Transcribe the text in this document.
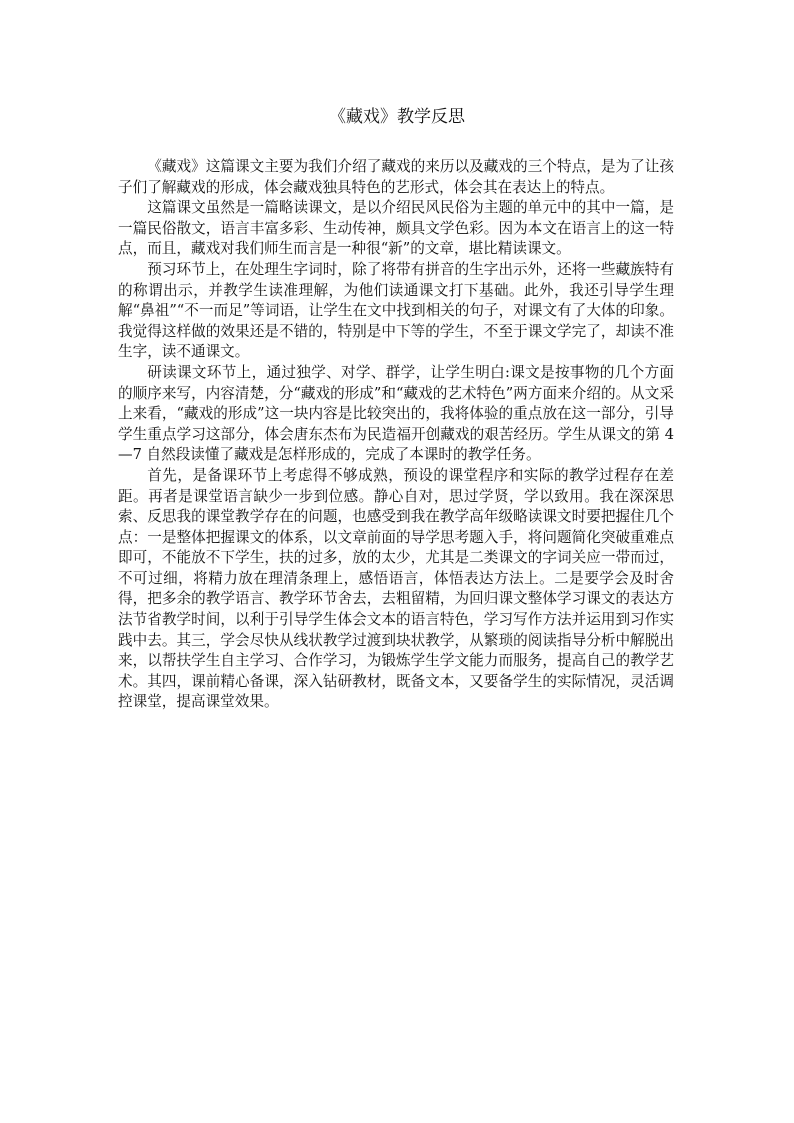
《藏戏》教学反思

《藏戏》这篇课文主要为我们介绍了藏戏的来历以及藏戏的三个特点，是为了让孩子们了解藏戏的形成，体会藏戏独具特色的艺形式，体会其在表达上的特点。

这篇课文虽然是一篇略读课文，是以介绍民风民俗为主题的单元中的其中一篇，是一篇民俗散文，语言丰富多彩、生动传神，颇具文学色彩。因为本文在语言上的这一特点，而且，藏戏对我们师生而言是一种很“新”的文章，堪比精读课文。

预习环节上，在处理生字词时，除了将带有拼音的生字出示外，还将一些藏族特有的称谓出示，并教学生读准理解，为他们读通课文打下基础。此外，我还引导学生理解“鼻祖”“不一而足”等词语，让学生在文中找到相关的句子，对课文有了大体的印象。我觉得这样做的效果还是不错的，特别是中下等的学生，不至于课文学完了，却读不准生字，读不通课文。

研读课文环节上，通过独学、对学、群学，让学生明白:课文是按事物的几个方面的顺序来写，内容清楚，分“藏戏的形成”和“藏戏的艺术特色”两方面来介绍的。从文采上来看，“藏戏的形成”这一块内容是比较突出的，我将体验的重点放在这一部分，引导学生重点学习这部分，体会唐东杰布为民造福开创藏戏的艰苦经历。学生从课文的第 4—7 自然段读懂了藏戏是怎样形成的，完成了本课时的教学任务。

首先，是备课环节上考虑得不够成熟，预设的课堂程序和实际的教学过程存在差距。再者是课堂语言缺少一步到位感。静心自对，思过学贤，学以致用。我在深深思索、反思我的课堂教学存在的问题，也感受到我在教学高年级略读课文时要把握住几个点：一是整体把握课文的体系，以文章前面的导学思考题入手，将问题简化突破重难点即可，不能放不下学生，扶的过多，放的太少，尤其是二类课文的字词关应一带而过，不可过细，将精力放在理清条理上，感悟语言，体悟表达方法上。二是要学会及时舍得，把多余的教学语言、教学环节舍去，去粗留精，为回归课文整体学习课文的表达方法节省教学时间，以利于引导学生体会文本的语言特色，学习写作方法并运用到习作实践中去。其三，学会尽快从线状教学过渡到块状教学，从繁琐的阅读指导分析中解脱出来，以帮扶学生自主学习、合作学习，为锻炼学生学文能力而服务，提高自己的教学艺术。其四，课前精心备课，深入钻研教材，既备文本，又要备学生的实际情况，灵活调控课堂，提高课堂效果。
